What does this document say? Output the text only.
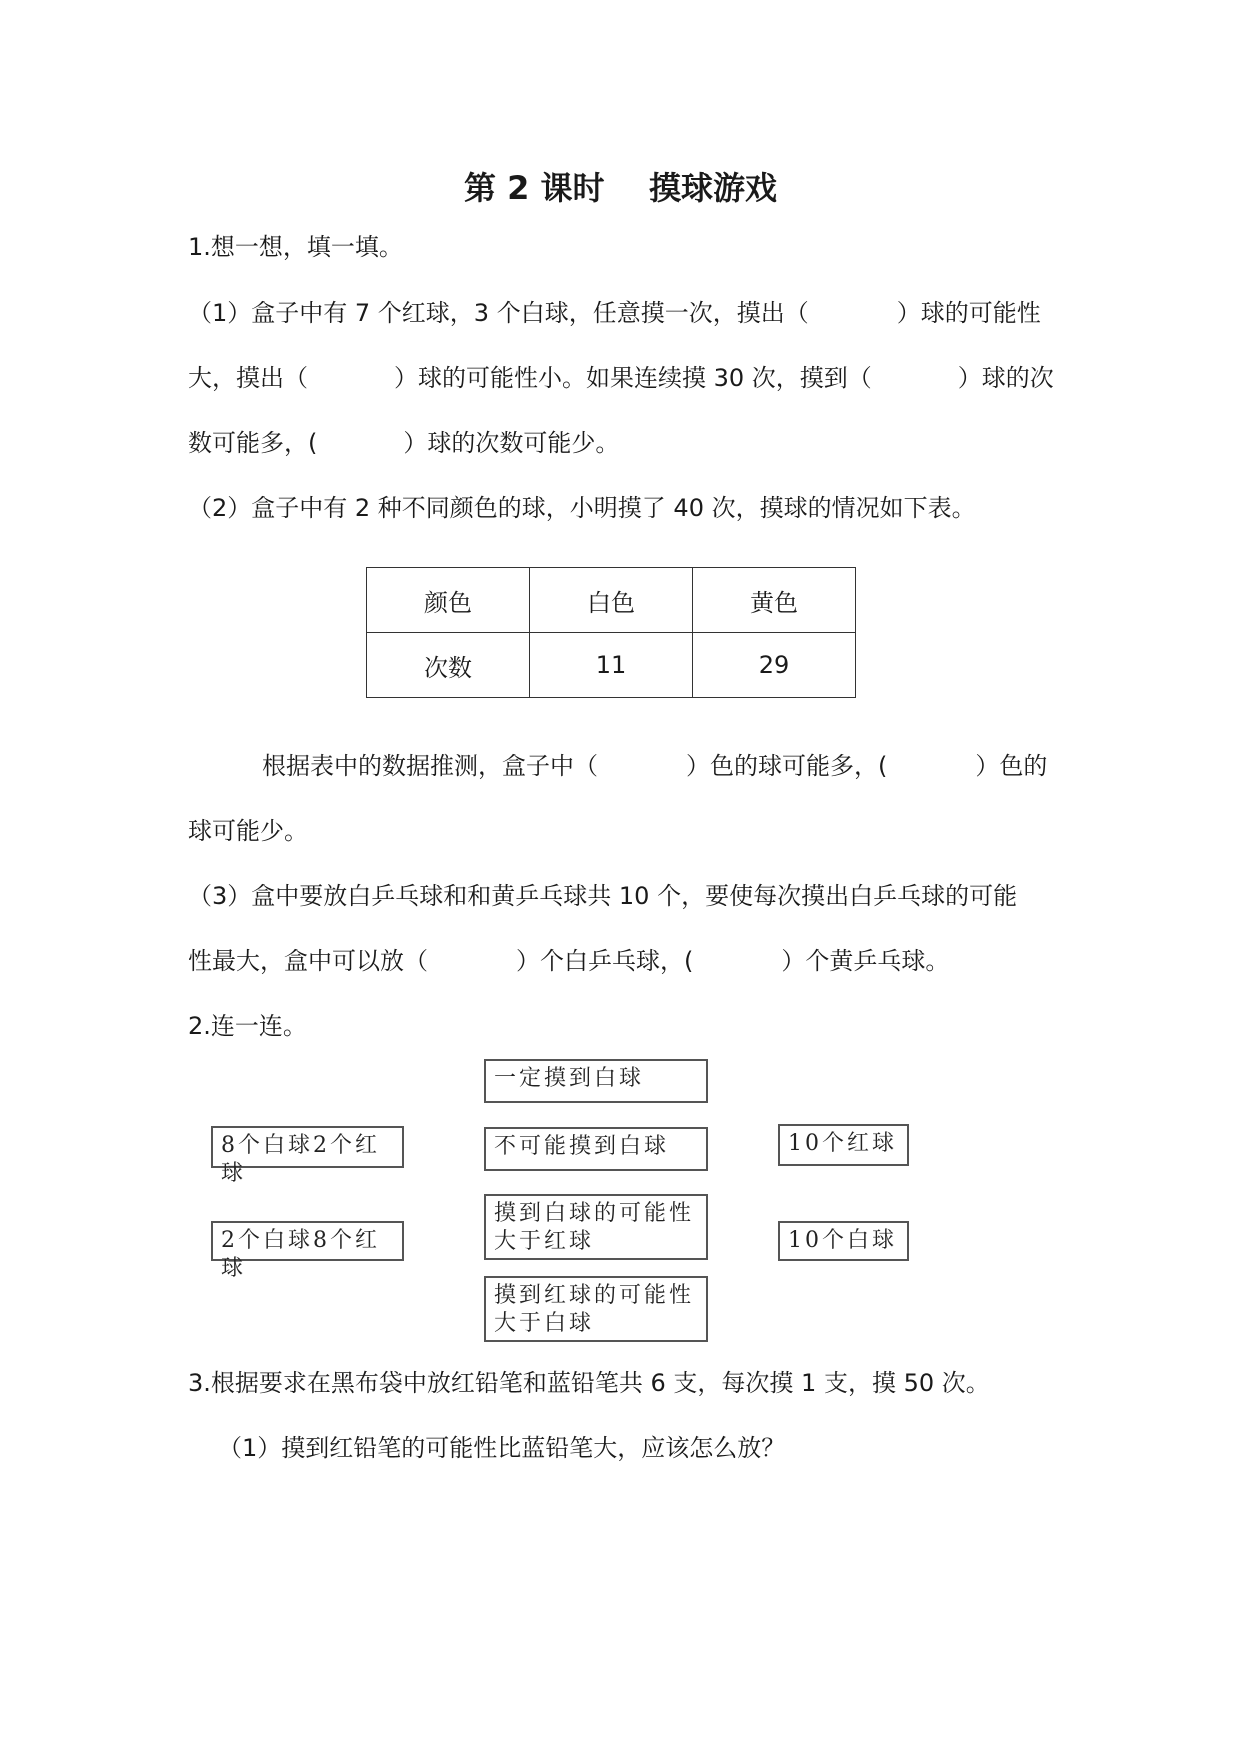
第 2 课时    摸球游戏
1.想一想，填一填。
（1）盒子中有 7 个红球，3 个白球，任意摸一次，摸出（	）球的可能性
大，摸出（	）球的可能性小。如果连续摸 30 次，摸到（	）球的次
数可能多，(	）球的次数可能少。
（2）盒子中有 2 种不同颜色的球，小明摸了 40 次，摸球的情况如下表。
颜色	白色	黄色
次数	11	29
根据表中的数据推测，盒子中（	）色的球可能多，(	）色的
球可能少。
（3）盒中要放白乒乓球和和黄乒乓球共 10 个，要使每次摸出白乒乓球的可能
性最大，盒中可以放（	）个白乒乓球，(	）个黄乒乓球。
2.连一连。
一定摸到白球
8个白球2个红球
不可能摸到白球	10个红球
摸到白球的可能性大于红球
2个白球8个红球
10个白球
摸到红球的可能性大于白球
3.根据要求在黑布袋中放红铅笔和蓝铅笔共 6 支，每次摸 1 支，摸 50 次。
（1）摸到红铅笔的可能性比蓝铅笔大，应该怎么放？
